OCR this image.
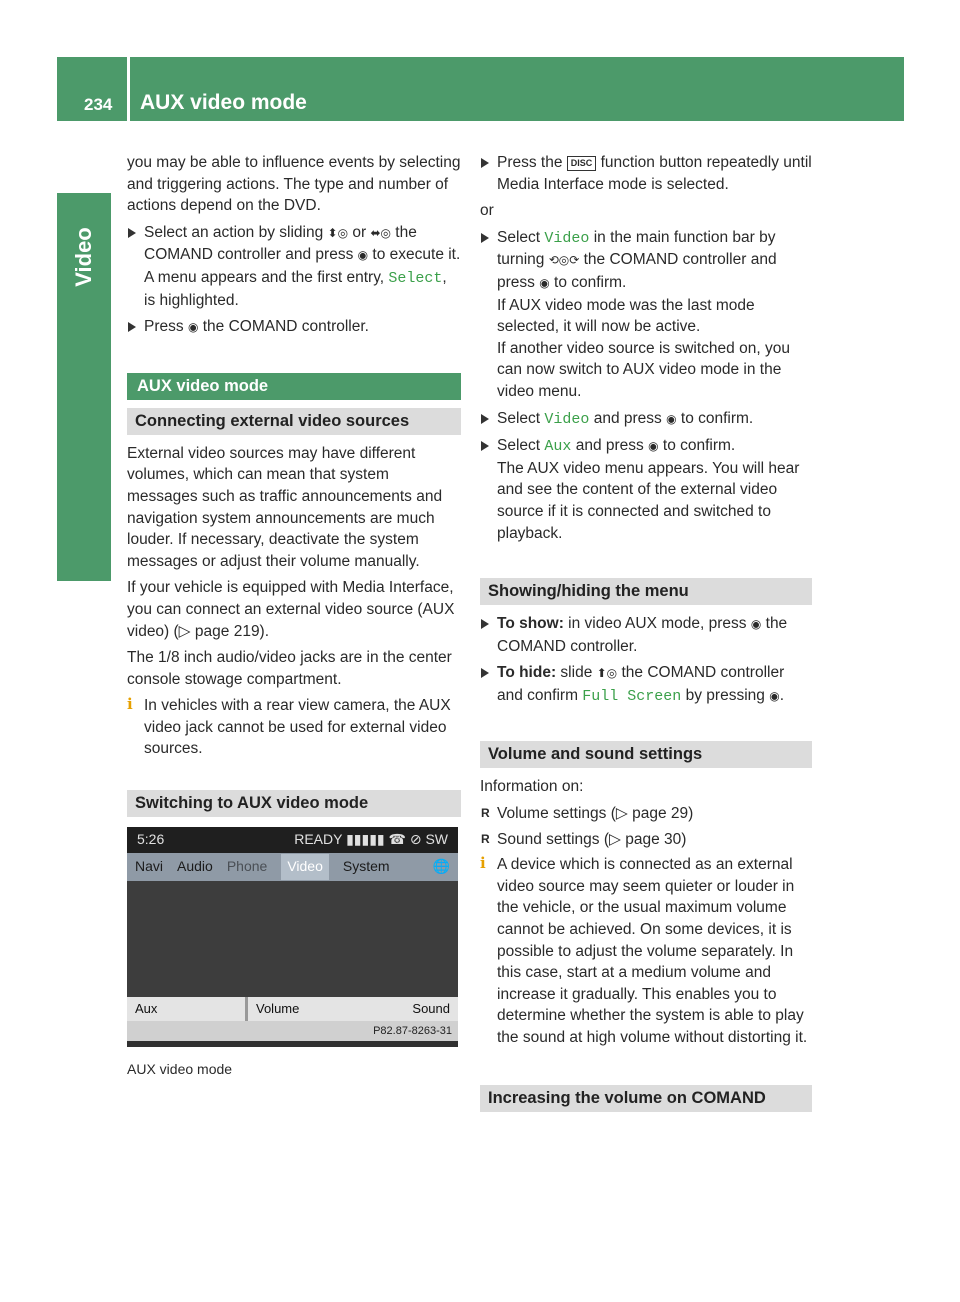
Video
234 AUX video mode

you may be able to influence events by selecting and triggering actions. The type and number of actions depend on the DVD.

Select an action by sliding ⬍◎ or ⬌◎ the COMAND controller and press ◉ to execute it.
A menu appears and the first entry, Select, is highlighted.
Press ◉ the COMAND controller.
AUX video mode
Connecting external video sources

External video sources may have different volumes, which can mean that system messages such as traffic announcements and navigation system announcements are much louder. If necessary, deactivate the system messages or adjust their volume manually.

If your vehicle is equipped with Media Interface, you can connect an external video source (AUX video) (▷ page 219).

The 1/8 inch audio/video jacks are in the center console stowage compartment.

i In vehicles with a rear view camera, the AUX video jack cannot be used for external video sources.
Switching to AUX video mode
5:26	READY ▮▮▮▮▮ ☎ ⊘ SW
Navi Audio Phone	Video	System	🌐
Aux	Volume	Sound
P82.87-8263-31
AUX video mode
Press the DISC function button repeatedly until Media Interface mode is selected.

or

Select Video in the main function bar by turning ⟲◎⟳ the COMAND controller and press ◉ to confirm.
If AUX video mode was the last mode selected, it will now be active.
If another video source is switched on, you can now switch to AUX video mode in the video menu.
Select Video and press ◉ to confirm.
Select Aux and press ◉ to confirm.
The AUX video menu appears. You will hear and see the content of the external video source if it is connected and switched to playback.
Showing/hiding the menu
To show: in video AUX mode, press ◉ the COMAND controller.
To hide: slide ⬆◎ the COMAND controller and confirm Full Screen by pressing ◉.
Volume and sound settings

Information on:

R Volume settings (▷ page 29)
R Sound settings (▷ page 30)
i A device which is connected as an external video source may seem quieter or louder in the vehicle, or the usual maximum volume cannot be achieved. On some devices, it is possible to adjust the volume separately. In this case, start at a medium volume and increase it gradually. This enables you to determine whether the system is able to play the sound at high volume without distorting it.
Increasing the volume on COMAND
